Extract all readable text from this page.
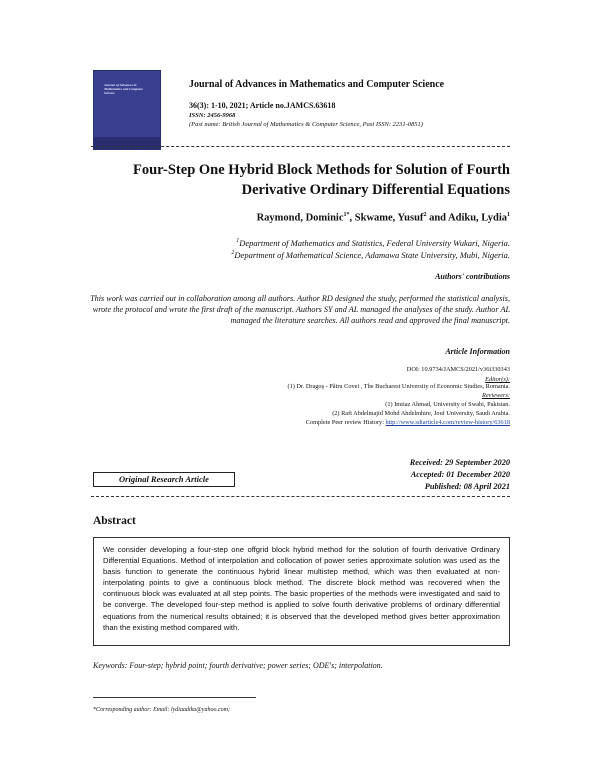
Journal of Advances in Mathematics and Computer Science
Journal of Advances in Mathematics and Computer Science
36(3): 1-10, 2021; Article no.JAMCS.63618
ISSN: 2456-9968
(Past name: British Journal of Mathematics & Computer Science, Past ISSN: 2231-0851)
Four-Step One Hybrid Block Methods for Solution of Fourth
Derivative Ordinary Differential Equations
Raymond, Dominic$^{1*}$, Skwame, Yusuf$^2$ and Adiku, Lydia$^1$
$^1$Department of Mathematics and Statistics, Federal University Wukari, Nigeria.
$^2$Department of Mathematical Science, Adamawa State University, Mubi, Nigeria.
Authors' contributions
This work was carried out in collaboration among all authors. Author RD designed the study, performed the statistical analysis, wrote the protocol and wrote the first draft of the manuscript. Authors SY and AL managed the analyses of the study. Author AL managed the literature searches. All authors read and approved the final manuscript.
Article Information
DOI: 10.9734/JAMCS/2021/v36i330343
Editor(s):
(1) Dr. Dragoş - Pătru Covei , The Bucharest University of Economic Studies, Romania.
Reviewers:
(1) Imtiaz Ahmad, University of Swabi, Pakistan.
(2) Raft Abdelmajid Mohd Ahdelmhire, Jouf University, Saudi Arabia.
Complete Peer review History: http://www.sdiarticle4.com/review-history/63618
Received: 29 September 2020
Accepted: 01 December 2020
Published: 08 April 2021
Original Research Article
Abstract
We consider developing a four-step one offgrid block hybrid method for the solution of fourth derivative Ordinary Differential Equations. Method of interpolation and collocation of power series approximate solution was used as the basis function to generate the continuous hybrid linear multistep method, which was then evaluated at non-interpolating points to give a continuous block method. The discrete block method was recovered when the continuous block was evaluated at all step points. The basic properties of the methods were investigated and said to be converge. The developed four-step method is applied to solve fourth derivative problems of ordinary differential equations from the numerical results obtained; it is observed that the developed method gives better approximation than the existing method compared with.
Keywords: Four-step; hybrid point; fourth derivative; power series; ODE's; interpolation.
*Corresponding author: Email: lydiaadiku@yahoo.com;
